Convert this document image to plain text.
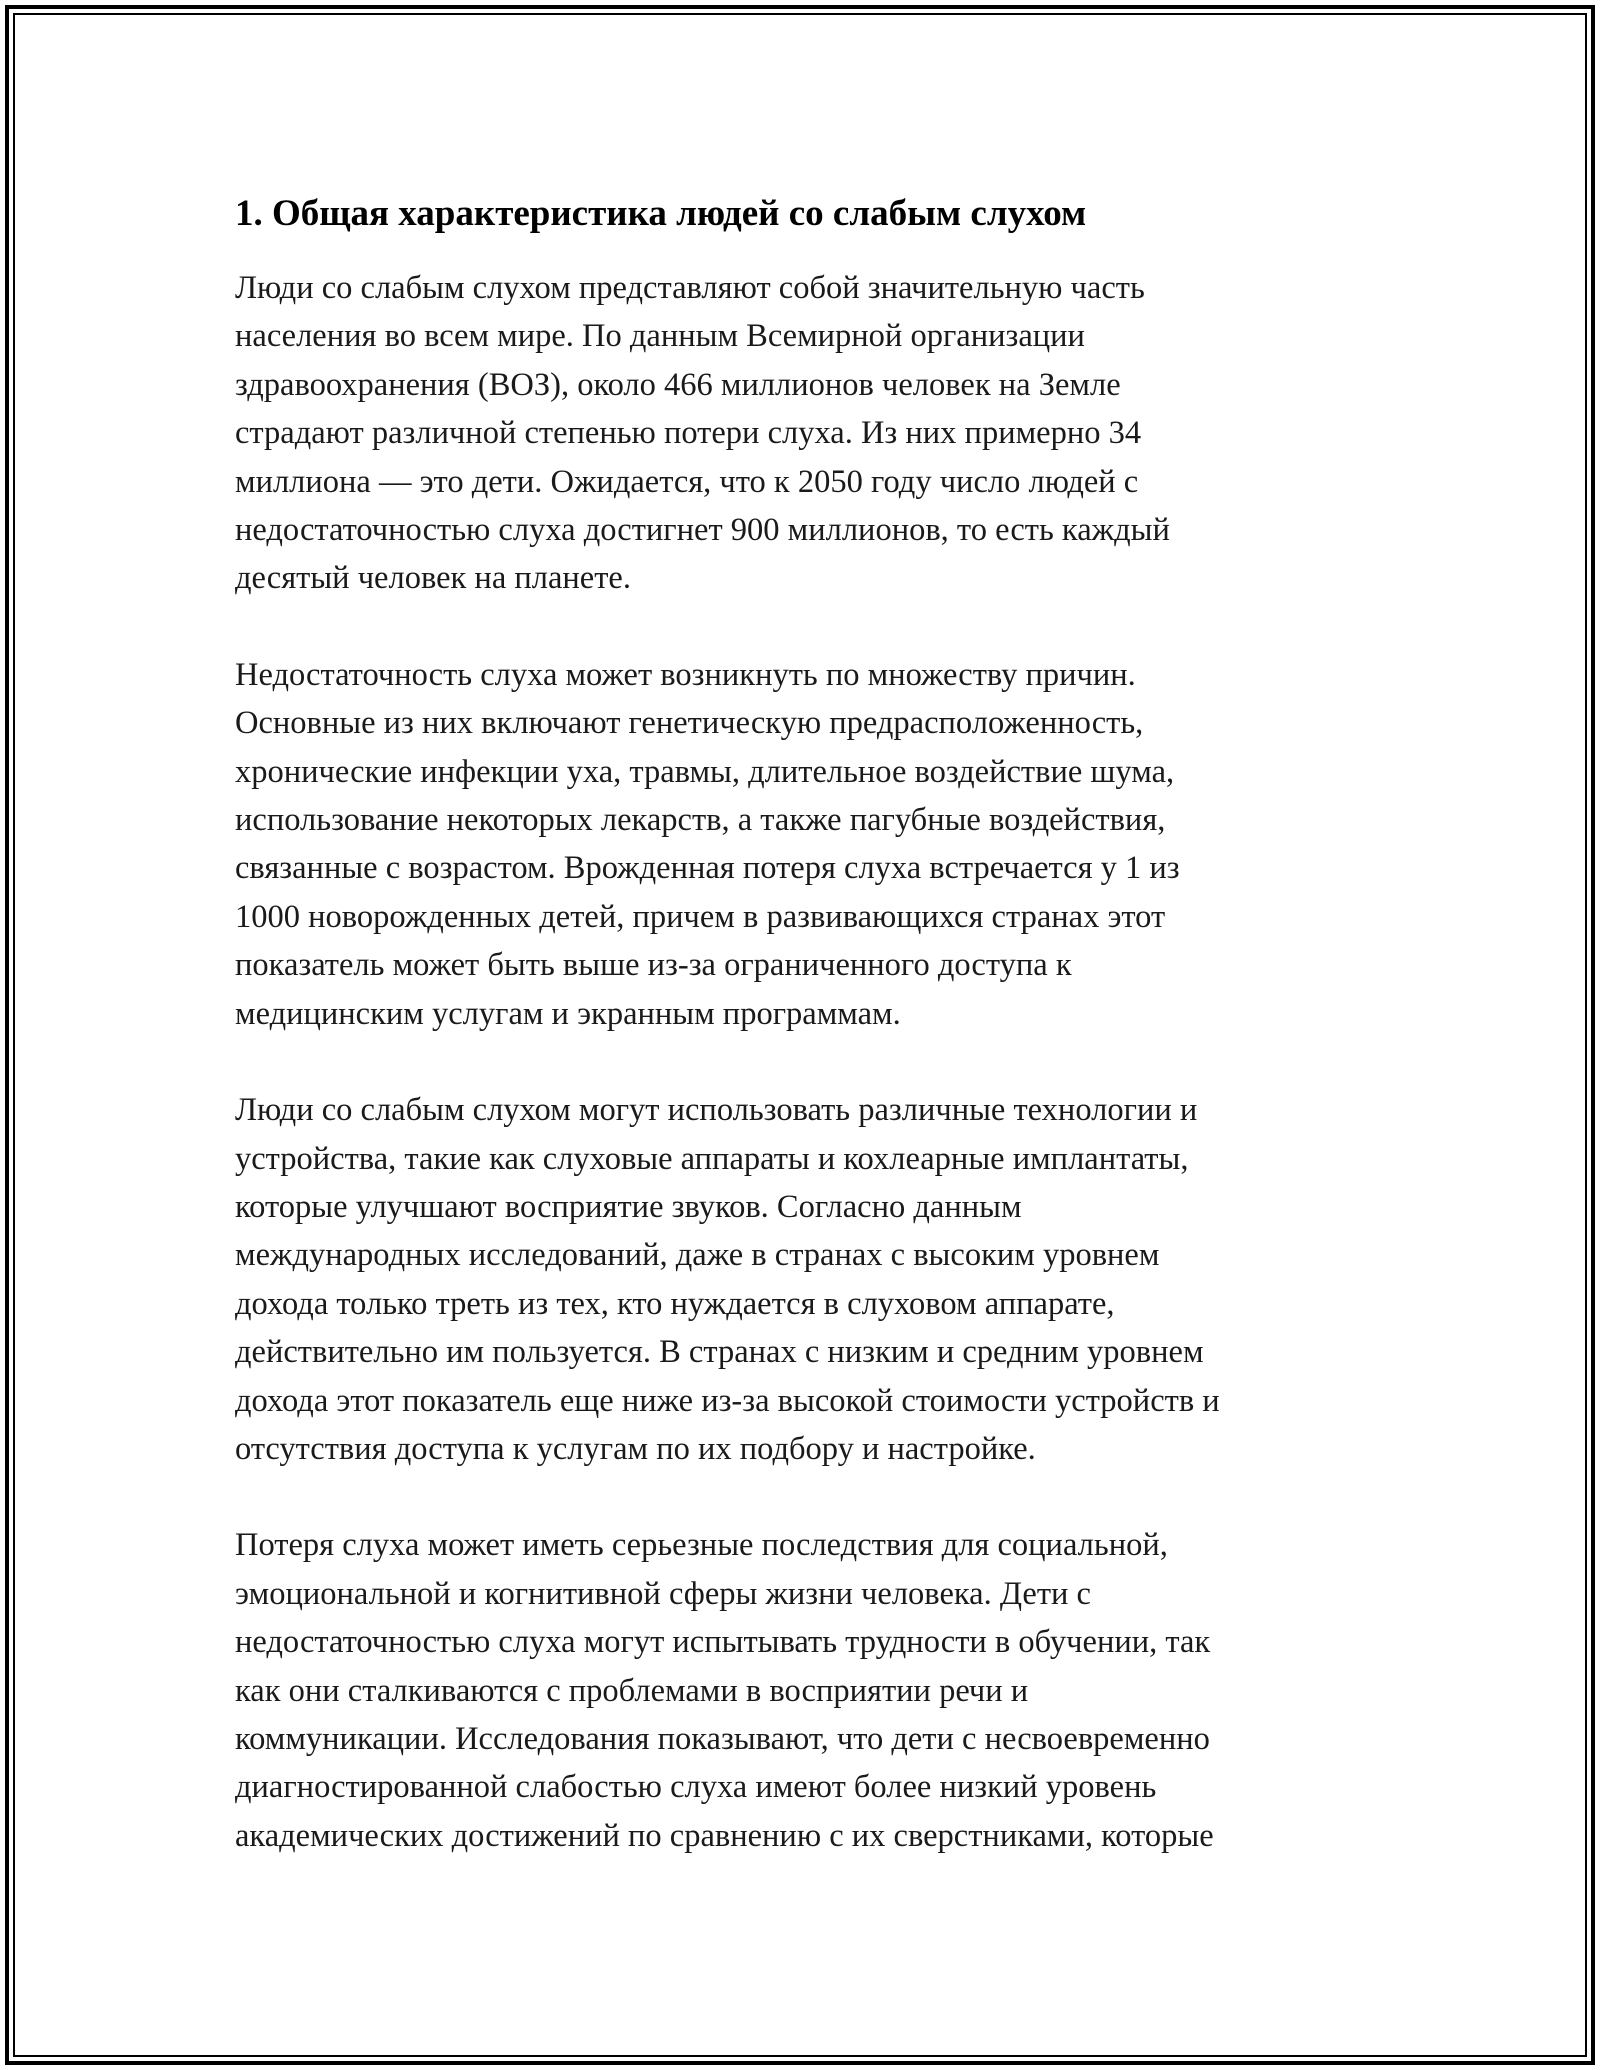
1. Общая характеристика людей со слабым слухом

Люди со слабым слухом представляют собой значительную часть
населения во всем мире. По данным Всемирной организации
здравоохранения (ВОЗ), около 466 миллионов человек на Земле
страдают различной степенью потери слуха. Из них примерно 34
миллиона — это дети. Ожидается, что к 2050 году число людей с
недостаточностью слуха достигнет 900 миллионов, то есть каждый
десятый человек на планете.

Недостаточность слуха может возникнуть по множеству причин.
Основные из них включают генетическую предрасположенность,
хронические инфекции уха, травмы, длительное воздействие шума,
использование некоторых лекарств, а также пагубные воздействия,
связанные с возрастом. Врожденная потеря слуха встречается у 1 из
1000 новорожденных детей, причем в развивающихся странах этот
показатель может быть выше из-за ограниченного доступа к
медицинским услугам и экранным программам.

Люди со слабым слухом могут использовать различные технологии и
устройства, такие как слуховые аппараты и кохлеарные имплантаты,
которые улучшают восприятие звуков. Согласно данным
международных исследований, даже в странах с высоким уровнем
дохода только треть из тех, кто нуждается в слуховом аппарате,
действительно им пользуется. В странах с низким и средним уровнем
дохода этот показатель еще ниже из-за высокой стоимости устройств и
отсутствия доступа к услугам по их подбору и настройке.

Потеря слуха может иметь серьезные последствия для социальной,
эмоциональной и когнитивной сферы жизни человека. Дети с
недостаточностью слуха могут испытывать трудности в обучении, так
как они сталкиваются с проблемами в восприятии речи и
коммуникации. Исследования показывают, что дети с несвоевременно
диагностированной слабостью слуха имеют более низкий уровень
академических достижений по сравнению с их сверстниками, которые
